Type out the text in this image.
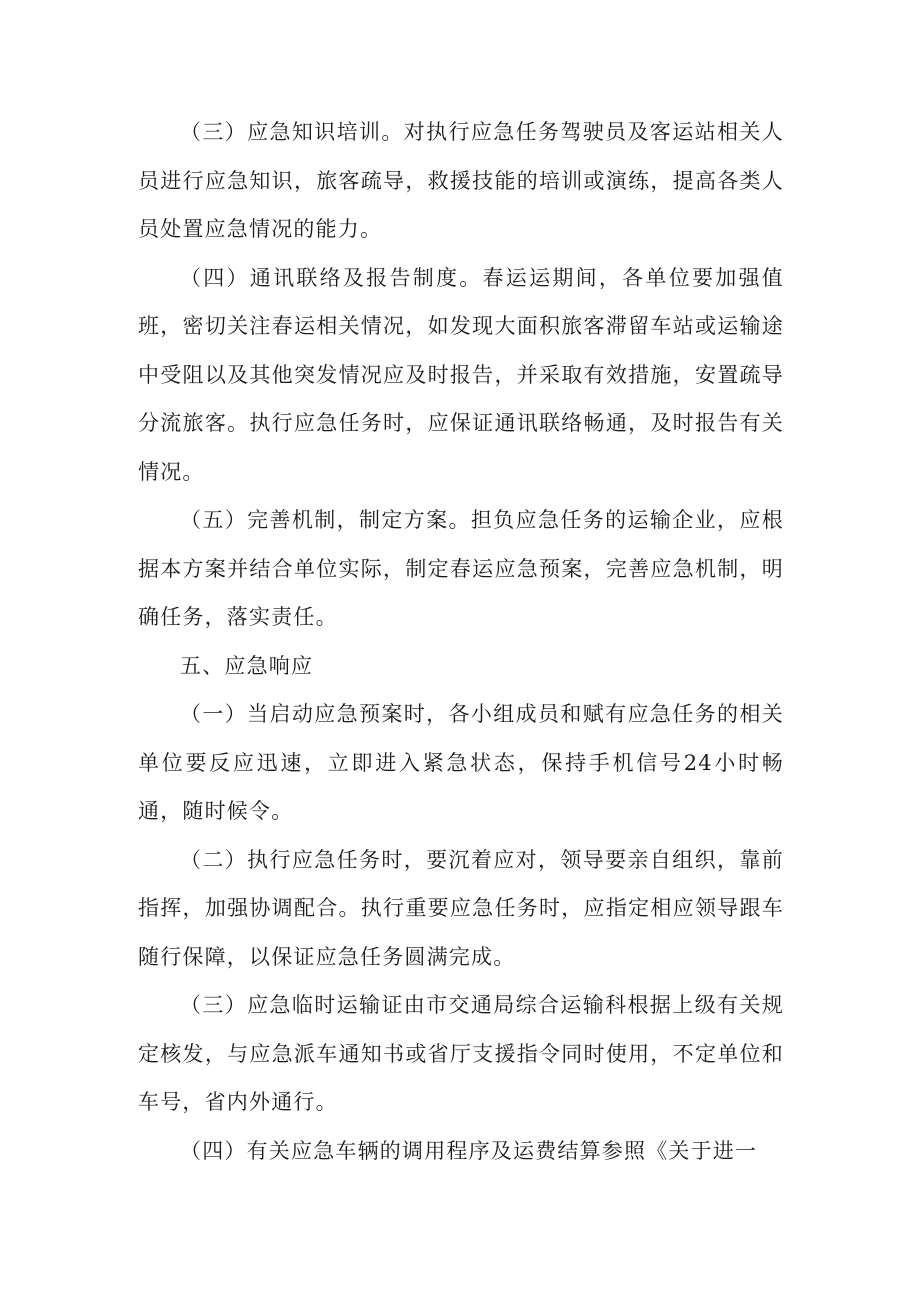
（三）应急知识培训。对执行应急任务驾驶员及客运站相关人员进行应急知识，旅客疏导，救援技能的培训或演练，提高各类人员处置应急情况的能力。

（四）通讯联络及报告制度。春运运期间，各单位要加强值班，密切关注春运相关情况，如发现大面积旅客滞留车站或运输途中受阻以及其他突发情况应及时报告，并采取有效措施，安置疏导分流旅客。执行应急任务时，应保证通讯联络畅通，及时报告有关情况。

（五）完善机制，制定方案。担负应急任务的运输企业，应根据本方案并结合单位实际，制定春运应急预案，完善应急机制，明确任务，落实责任。

五、应急响应

（一）当启动应急预案时，各小组成员和赋有应急任务的相关单位要反应迅速，立即进入紧急状态，保持手机信号24小时畅通，随时候令。

（二）执行应急任务时，要沉着应对，领导要亲自组织，靠前指挥，加强协调配合。执行重要应急任务时，应指定相应领导跟车随行保障，以保证应急任务圆满完成。

（三）应急临时运输证由市交通局综合运输科根据上级有关规定核发，与应急派车通知书或省厅支援指令同时使用，不定单位和车号，省内外通行。

（四）有关应急车辆的调用程序及运费结算参照《关于进一
